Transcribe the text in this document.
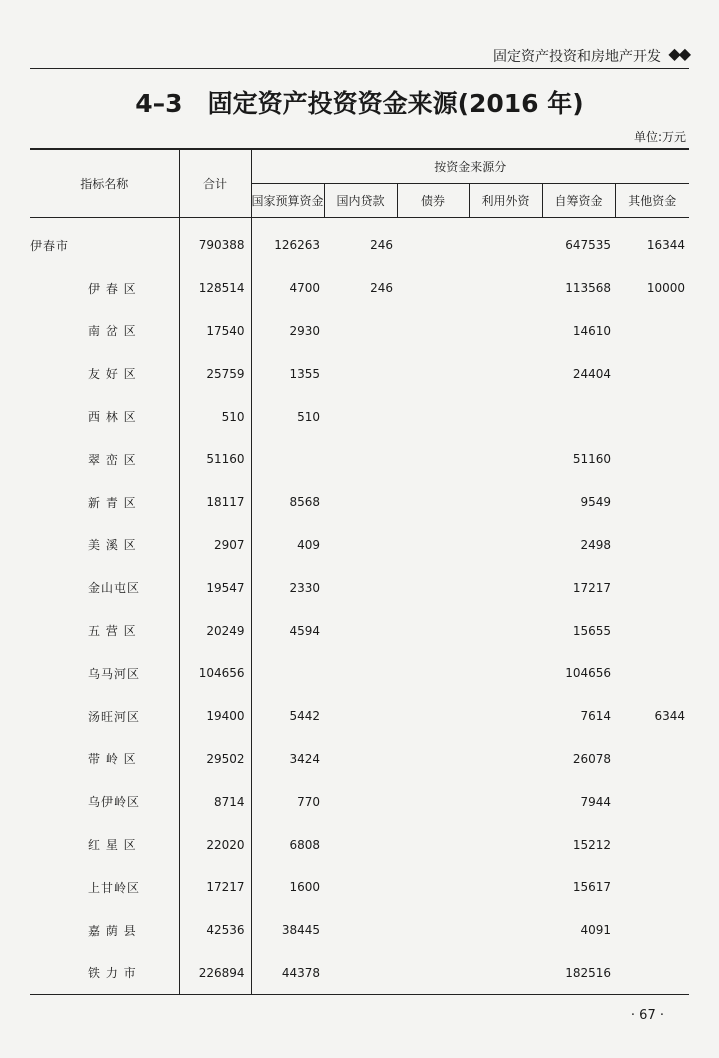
固定资产投资和房地产开发 ◆◆
4–3　固定资产投资资金来源(2016 年)
单位:万元
指标名称	合计	按资金来源分					
		国家预算资金	国内贷款	债券	利用外资	自筹资金	其他资金
伊春市	790388	126263	246			647535	16344
伊 春 区	128514	4700	246			113568	10000
南 岔 区	17540	2930				14610	
友 好 区	25759	1355				24404	
西 林 区	510	510					
翠 峦 区	51160					51160	
新 青 区	18117	8568				9549	
美 溪 区	2907	409				2498	
金山屯区	19547	2330				17217	
五 营 区	20249	4594				15655	
乌马河区	104656					104656	
汤旺河区	19400	5442				7614	6344
带 岭 区	29502	3424				26078	
乌伊岭区	8714	770				7944	
红 星 区	22020	6808				15212	
上甘岭区	17217	1600				15617	
嘉 荫 县	42536	38445				4091	
铁 力 市	226894	44378				182516	
· 67 ·
